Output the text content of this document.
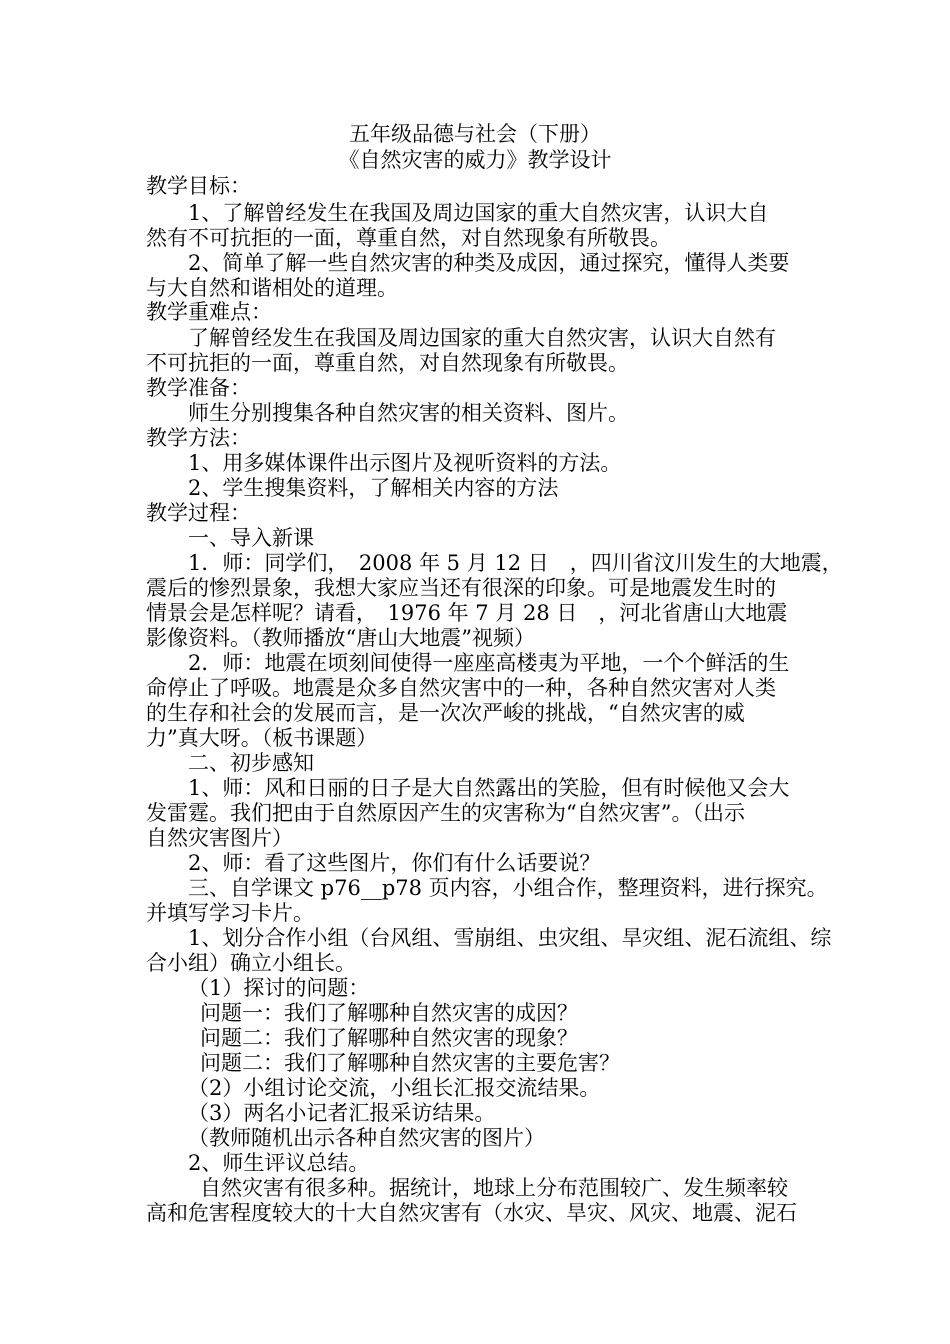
五年级品德与社会（下册）
《自然灾害的威力》教学设计
教学目标：
1、了解曾经发生在我国及周边国家的重大自然灾害，认识大自
然有不可抗拒的一面，尊重自然，对自然现象有所敬畏。
2、简单了解一些自然灾害的种类及成因，通过探究，懂得人类要
与大自然和谐相处的道理。
教学重难点：
了解曾经发生在我国及周边国家的重大自然灾害，认识大自然有
不可抗拒的一面，尊重自然，对自然现象有所敬畏。
教学准备：
师生分别搜集各种自然灾害的相关资料、图片。
教学方法：
1、用多媒体课件出示图片及视听资料的方法。
2、学生搜集资料，了解相关内容的方法
教学过程：
一、导入新课
1．师：同学们，　2008 年 5 月 12 日　，四川省汶川发生的大地震，
震后的惨烈景象，我想大家应当还有很深的印象。可是地震发生时的
情景会是怎样呢？请看，　1976 年 7 月 28 日　，河北省唐山大地震
影像资料。（教师播放“唐山大地震”视频）
2．师：地震在顷刻间使得一座座高楼夷为平地，一个个鲜活的生
命停止了呼吸。地震是众多自然灾害中的一种，各种自然灾害对人类
的生存和社会的发展而言，是一次次严峻的挑战，“自然灾害的威
力”真大呀。（板书课题）
二、初步感知
1、师：风和日丽的日子是大自然露出的笑脸，但有时候他又会大
发雷霆。我们把由于自然原因产生的灾害称为“自然灾害”。（出示
自然灾害图片）
2、师：看了这些图片，你们有什么话要说？
三、自学课文 p76__p78 页内容，小组合作，整理资料，进行探究。
并填写学习卡片。
1、划分合作小组（台风组、雪崩组、虫灾组、旱灾组、泥石流组、综
合小组）确立小组长。
（1）探讨的问题：
问题一：我们了解哪种自然灾害的成因？
问题二：我们了解哪种自然灾害的现象？
问题二：我们了解哪种自然灾害的主要危害？
（2）小组讨论交流，小组长汇报交流结果。
（3）两名小记者汇报采访结果。
（教师随机出示各种自然灾害的图片）
2、师生评议总结。
自然灾害有很多种。据统计，地球上分布范围较广、发生频率较
高和危害程度较大的十大自然灾害有（水灾、旱灾、风灾、地震、泥石
